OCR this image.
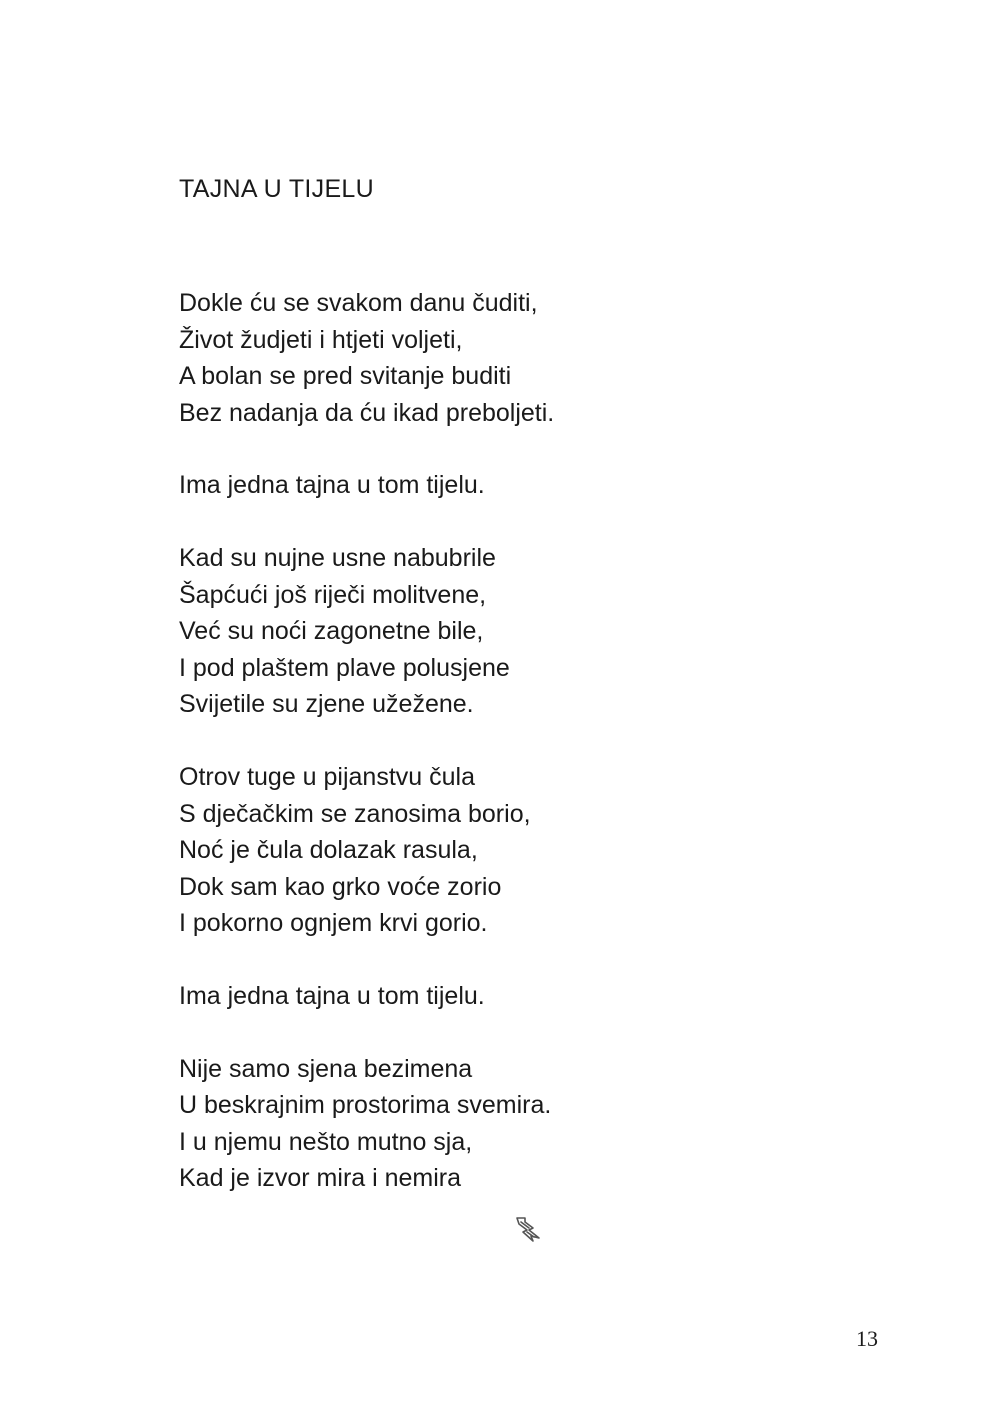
TAJNA U TIJELU
Dokle ću se svakom danu čuditi,
Život žudjeti i htjeti voljeti,
A bolan se pred svitanje buditi
Bez nadanja da ću ikad preboljeti.
Ima jedna tajna u tom tijelu.
Kad su nujne usne nabubrile
Šapćući još riječi molitvene,
Već su noći zagonetne bile,
I pod plaštem plave polusjene
Svijetile su zjene užežene.
Otrov tuge u pijanstvu čula
S dječačkim se zanosima borio,
Noć je čula dolazak rasula,
Dok sam kao grko voće zorio
I pokorno ognjem krvi gorio.
Ima jedna tajna u tom tijelu.
Nije samo sjena bezimena
U beskrajnim prostorima svemira.
I u njemu nešto mutno sja,
Kad je izvor mira i nemira
13
